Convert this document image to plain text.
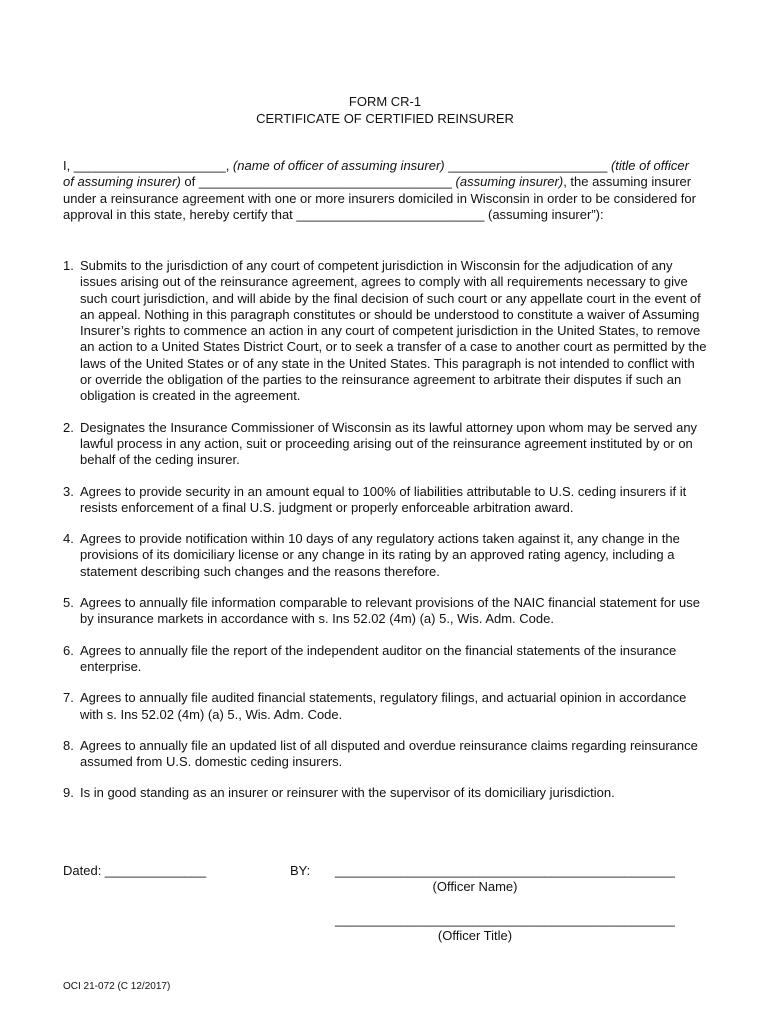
FORM CR-1
CERTIFICATE OF CERTIFIED REINSURER
I, _____________________, (name of officer of assuming insurer) ______________________ (title of officer of assuming insurer) of ___________________________________ (assuming insurer), the assuming insurer under a reinsurance agreement with one or more insurers domiciled in Wisconsin in order to be considered for approval in this state, hereby certify that __________________________ (assuming insurer”):
1. Submits to the jurisdiction of any court of competent jurisdiction in Wisconsin for the adjudication of any issues arising out of the reinsurance agreement, agrees to comply with all requirements necessary to give such court jurisdiction, and will abide by the final decision of such court or any appellate court in the event of an appeal. Nothing in this paragraph constitutes or should be understood to constitute a waiver of Assuming Insurer’s rights to commence an action in any court of competent jurisdiction in the United States, to remove an action to a United States District Court, or to seek a transfer of a case to another court as permitted by the laws of the United States or of any state in the United States. This paragraph is not intended to conflict with or override the obligation of the parties to the reinsurance agreement to arbitrate their disputes if such an obligation is created in the agreement.
2. Designates the Insurance Commissioner of Wisconsin as its lawful attorney upon whom may be served any lawful process in any action, suit or proceeding arising out of the reinsurance agreement instituted by or on behalf of the ceding insurer.
3. Agrees to provide security in an amount equal to 100% of liabilities attributable to U.S. ceding insurers if it resists enforcement of a final U.S. judgment or properly enforceable arbitration award.
4. Agrees to provide notification within 10 days of any regulatory actions taken against it, any change in the provisions of its domiciliary license or any change in its rating by an approved rating agency, including a statement describing such changes and the reasons therefore.
5. Agrees to annually file information comparable to relevant provisions of the NAIC financial statement for use by insurance markets in accordance with s. Ins 52.02 (4m) (a) 5., Wis. Adm. Code.
6. Agrees to annually file the report of the independent auditor on the financial statements of the insurance enterprise.
7. Agrees to annually file audited financial statements, regulatory filings, and actuarial opinion in accordance with s. Ins 52.02 (4m) (a) 5., Wis. Adm. Code.
8. Agrees to annually file an updated list of all disputed and overdue reinsurance claims regarding reinsurance assumed from U.S. domestic ceding insurers.
9. Is in good standing as an insurer or reinsurer with the supervisor of its domiciliary jurisdiction.
Dated: ______________	BY: _______________________________________________
(Officer Name)
_______________________________________________
(Officer Title)
OCI 21-072 (C 12/2017)
